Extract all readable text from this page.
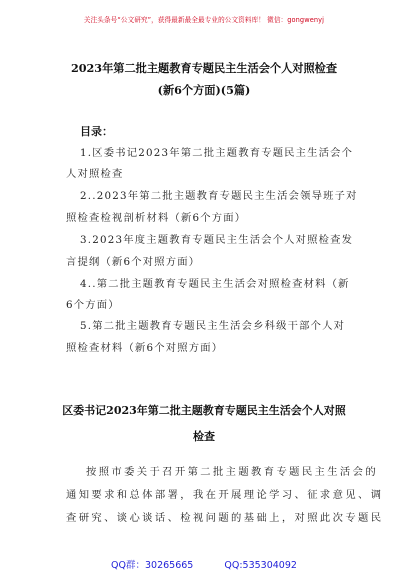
关注头条号“公文研究”，获得最新最全最专业的公文资料库！ 微信：gongwenyj
2023年第二批主题教育专题民主生活会个人对照检查
(新6个方面)(5篇)
目录：
1.区委书记2023年第二批主题教育专题民主生活会个
人对照检查
2..2023年第二批主题教育专题民主生活会领导班子对
照检查检视剖析材料（新6个方面）
3.2023年度主题教育专题民主生活会个人对照检查发
言提纲（新6个对照方面）
4..第二批主题教育专题民主生活会对照检查材料（新
6个方面）
5.第二批主题教育专题民主生活会乡科级干部个人对
照检查材料（新6个对照方面）
区委书记2023年第二批主题教育专题民主生活会个人对照
检查
按照市委关于召开第二批主题教育专题民主生活会的
通知要求和总体部署，我在开展理论学习、征求意见、调
查研究、谈心谈话、检视问题的基础上，对照此次专题民
QQ群：30265665 QQ:535304092
